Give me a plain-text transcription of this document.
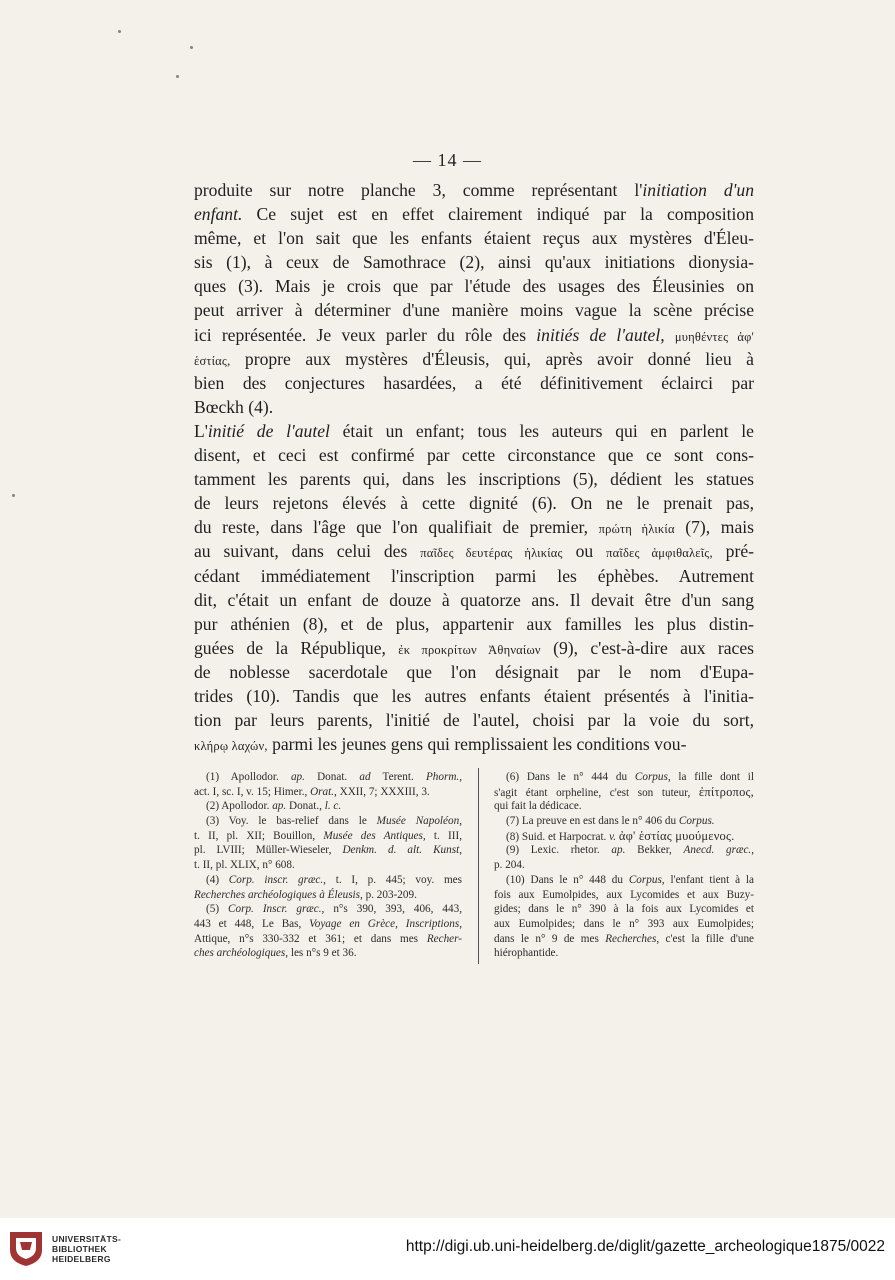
— 14 —
produite sur notre planche 3, comme représentant l'initiation d'un
enfant. Ce sujet est en effet clairement indiqué par la composition
même, et l'on sait que les enfants étaient reçus aux mystères d'Éleu-
sis (1), à ceux de Samothrace (2), ainsi qu'aux initiations dionysia-
ques (3). Mais je crois que par l'étude des usages des Éleusinies on
peut arriver à déterminer d'une manière moins vague la scène précise
ici représentée. Je veux parler du rôle des initiés de l'autel, μυηθέντες ἀφ'
ἑστίας, propre aux mystères d'Éleusis, qui, après avoir donné lieu à
bien des conjectures hasardées, a été définitivement éclairci par
Bœckh (4).
L'initié de l'autel était un enfant; tous les auteurs qui en parlent le
disent, et ceci est confirmé par cette circonstance que ce sont cons-
tamment les parents qui, dans les inscriptions (5), dédient les statues
de leurs rejetons élevés à cette dignité (6). On ne le prenait pas,
du reste, dans l'âge que l'on qualifiait de premier, πρώτη ἡλικία (7), mais
au suivant, dans celui des παῖδες δευτέρας ἡλικίας ou παῖδες ἀμφιθαλεῖς, pré-
cédant immédiatement l'inscription parmi les éphèbes. Autrement
dit, c'était un enfant de douze à quatorze ans. Il devait être d'un sang
pur athénien (8), et de plus, appartenir aux familles les plus distin-
guées de la République, ἐκ προκρίτων Ἀθηναίων (9), c'est-à-dire aux races
de noblesse sacerdotale que l'on désignait par le nom d'Eupa-
trides (10). Tandis que les autres enfants étaient présentés à l'initia-
tion par leurs parents, l'initié de l'autel, choisi par la voie du sort,
κλήρῳ λαχών, parmi les jeunes gens qui remplissaient les conditions vou-
(1) Apollodor. ap. Donat. ad Terent. Phorm.,
act. I, sc. I, v. 15; Himer., Orat., XXII, 7; XXXIII, 3.
(2) Apollodor. ap. Donat., l. c.
(3) Voy. le bas-relief dans le Musée Napoléon,
t. II, pl. XII; Bouillon, Musée des Antiques, t. III,
pl. LVIII; Müller-Wieseler, Denkm. d. alt. Kunst,
t. II, pl. XLIX, n° 608.
(4) Corp. inscr. græc., t. I, p. 445; voy. mes
Recherches archéologiques à Éleusis, p. 203-209.
(5) Corp. Inscr. græc., n°s 390, 393, 406, 443,
443 et 448, Le Bas, Voyage en Grèce, Inscriptions,
Attique, n°s 330-332 et 361; et dans mes Recher-
ches archéologiques, les n°s 9 et 36.
(6) Dans le n° 444 du Corpus, la fille dont il
s'agit étant orpheline, c'est son tuteur, ἐπίτροπος,
qui fait la dédicace.
(7) La preuve en est dans le n° 406 du Corpus.
(8) Suid. et Harpocrat. v. ἀφ' ἑστίας μυούμενος.
(9) Lexic. rhetor. ap. Bekker, Anecd. græc.,
p. 204.
(10) Dans le n° 448 du Corpus, l'enfant tient à la
fois aux Eumolpides, aux Lycomides et aux Buzy-
gides; dans le n° 390 à la fois aux Lycomides et
aux Eumolpides; dans le n° 393 aux Eumolpides;
dans le n° 9 de mes Recherches, c'est la fille d'une
hiérophantide.
UNIVERSITÄTS-
BIBLIOTHEK
HEIDELBERG
http://digi.ub.uni-heidelberg.de/diglit/gazette_archeologique1875/0022
